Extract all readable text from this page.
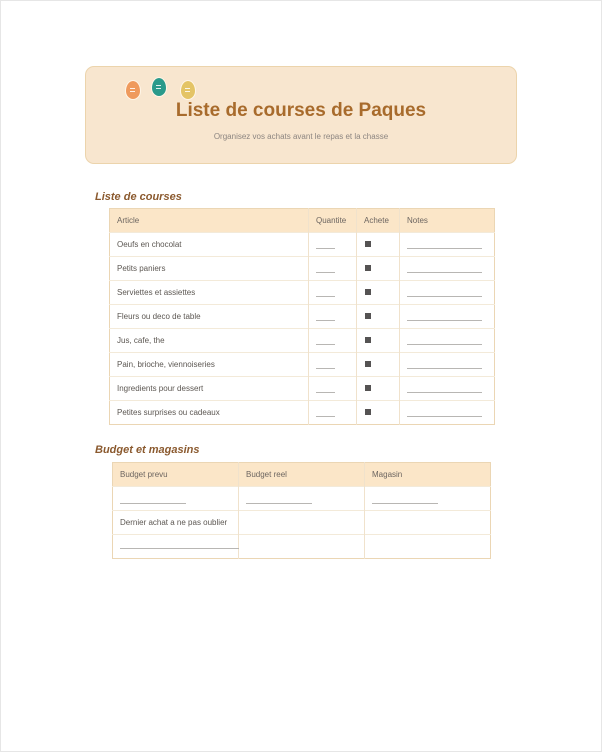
Liste de courses de Paques
Organisez vos achats avant le repas et la chasse
Liste de courses
Article	Quantite	Achete	Notes
Oeufs en chocolat			
Petits paniers			
Serviettes et assiettes			
Fleurs ou deco de table			
Jus, cafe, the			
Pain, brioche, viennoiseries			
Ingredients pour dessert			
Petites surprises ou cadeaux			
Budget et magasins
Budget prevu	Budget reel	Magasin

Dernier achat a ne pas oublier		
